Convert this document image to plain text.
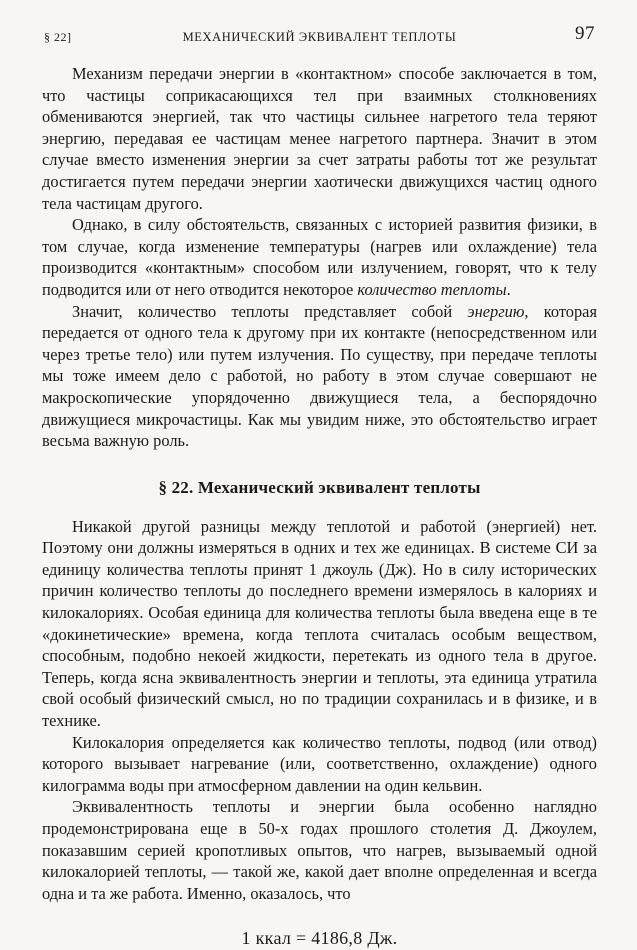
§ 22]	МЕХАНИЧЕСКИЙ ЭКВИВАЛЕНТ ТЕПЛОТЫ	97

Механизм передачи энергии в «контактном» способе заключается в том, что частицы соприкасающихся тел при взаимных столкновениях обмениваются энергией, так что частицы сильнее нагретого тела теряют энергию, передавая ее частицам менее нагретого партнера. Значит в этом случае вместо изменения энергии за счет затраты работы тот же результат достигается путем передачи энергии хаотически движущихся частиц одного тела частицам другого.

Однако, в силу обстоятельств, связанных с историей развития физики, в том случае, когда изменение температуры (нагрев или охлаждение) тела производится «контактным» способом или излучением, говорят, что к телу подводится или от него отводится некоторое количество теплоты.

Значит, количество теплоты представляет собой энергию, которая передается от одного тела к другому при их контакте (непосредственном или через третье тело) или путем излучения. По существу, при передаче теплоты мы тоже имеем дело с работой, но работу в этом случае совершают не макроскопические упорядоченно движущиеся тела, а беспорядочно движущиеся микрочастицы. Как мы увидим ниже, это обстоятельство играет весьма важную роль.

§ 22. Механический эквивалент теплоты

Никакой другой разницы между теплотой и работой (энергией) нет. Поэтому они должны измеряться в одних и тех же единицах. В системе СИ за единицу количества теплоты принят 1 джоуль (Дж). Но в силу исторических причин количество теплоты до последнего времени измерялось в калориях и килокалориях. Особая единица для количества теплоты была введена еще в те «докинетические» времена, когда теплота считалась особым веществом, способным, подобно некоей жидкости, перетекать из одного тела в другое. Теперь, когда ясна эквивалентность энергии и теплоты, эта единица утратила свой особый физический смысл, но по традиции сохранилась и в физике, и в технике.

Килокалория определяется как количество теплоты, подвод (или отвод) которого вызывает нагревание (или, соответственно, охлаждение) одного килограмма воды при атмосферном давлении на один кельвин.

Эквивалентность теплоты и энергии была особенно наглядно продемонстрирована еще в 50-х годах прошлого столетия Д. Джоулем, показавшим серией кропотливых опытов, что нагрев, вызываемый одной килокалорией теплоты, — такой же, какой дает вполне определенная и всегда одна и та же работа. Именно, оказалось, что

1 ккал = 4186,8 Дж.
